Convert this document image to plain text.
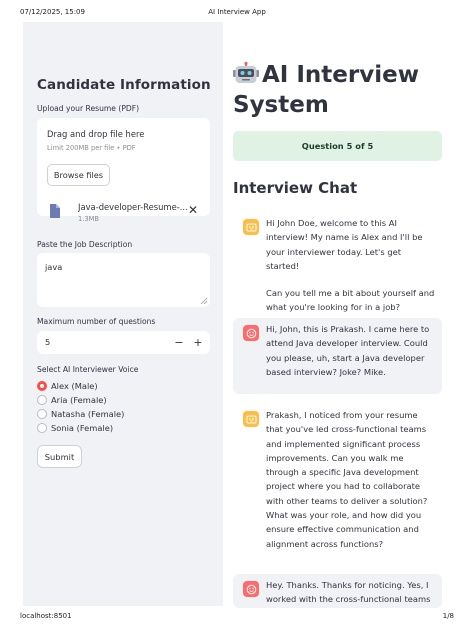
07/12/2025, 15:09	AI Interview App
Candidate Information
Upload your Resume (PDF)
Drag and drop file here
Limit 200MB per file • PDF
Browse files
Java-developer-Resume-...
1.3MB
✕
Paste the Job Description
java
Maximum number of questions
5	− +
Select AI Interviewer Voice
Alex (Male)
Aria (Female)
Natasha (Female)
Sonia (Female)
Submit
AI Interview System
Question 5 of 5
Interview Chat

Hi John Doe, welcome to this AI interview! My name is Alex and I'll be your interviewer today. Let's get started!

Can you tell me a bit about yourself and what you're looking for in a job?

Hi, John, this is Prakash. I came here to attend Java developer interview. Could you please, uh, start a Java developer based interview? Joke? Mike.

Prakash, I noticed from your resume that you've led cross-functional teams and implemented significant process improvements. Can you walk me through a specific Java development project where you had to collaborate with other teams to deliver a solution? What was your role, and how did you ensure effective communication and alignment across functions?

Hey. Thanks. Thanks for noticing. Yes, I worked with the cross-functional teams

localhost:8501	1/8
